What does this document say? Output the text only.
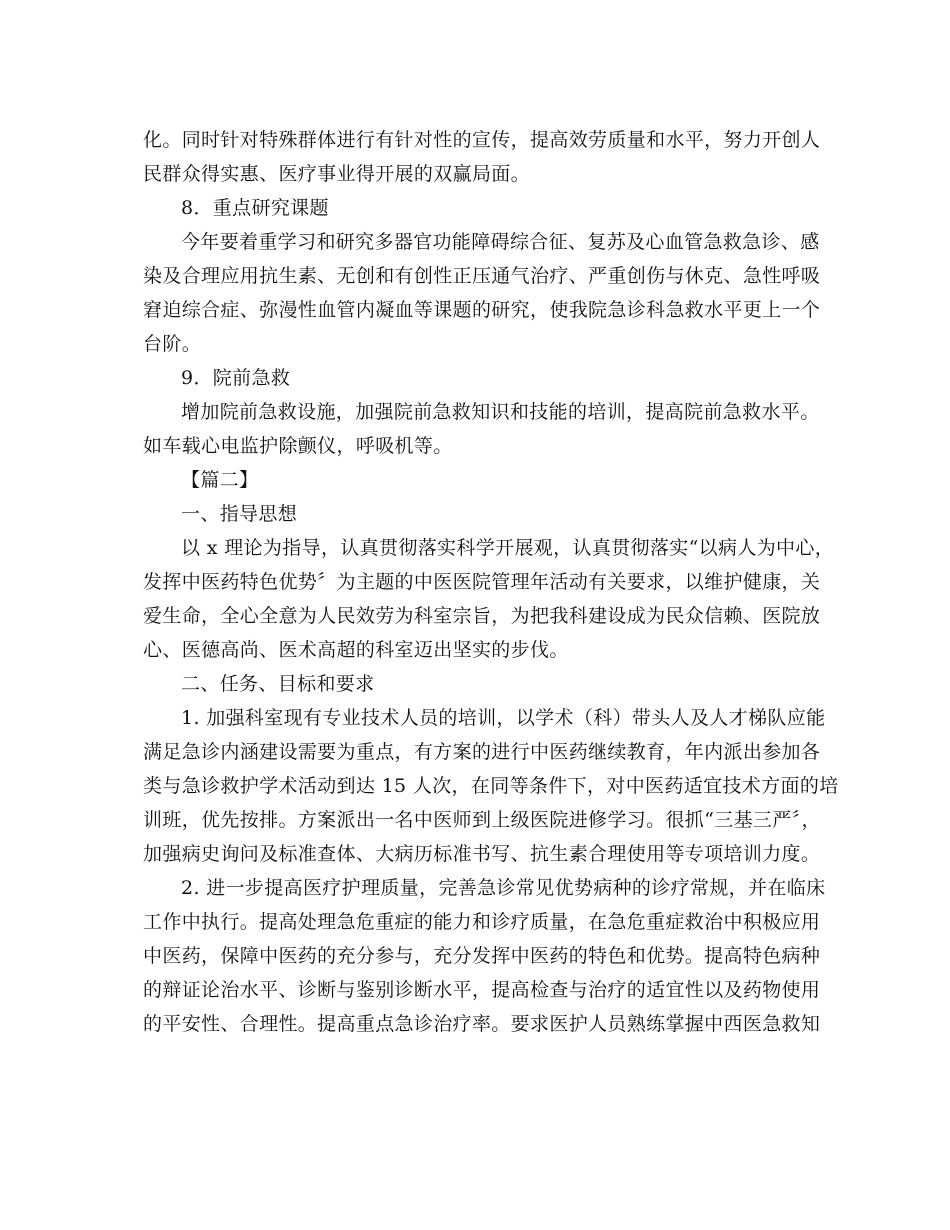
化。同时针对特殊群体进行有针对性的宣传，提高效劳质量和水平，努力开创人
民群众得实惠、医疗事业得开展的双赢局面。
8．重点研究课题
今年要着重学习和研究多器官功能障碍综合征、复苏及心血管急救急诊、感
染及合理应用抗生素、无创和有创性正压通气治疗、严重创伤与休克、急性呼吸
窘迫综合症、弥漫性血管内凝血等课题的研究，使我院急诊科急救水平更上一个
台阶。
9．院前急救
增加院前急救设施，加强院前急救知识和技能的培训，提高院前急救水平。
如车载心电监护除颤仪，呼吸机等。
【篇二】
一、指导思想
以 x 理论为指导，认真贯彻落实科学开展观，认真贯彻落实“以病人为中心，
发挥中医药特色优势〞为主题的中医医院管理年活动有关要求，以维护健康，关
爱生命，全心全意为人民效劳为科室宗旨，为把我科建设成为民众信赖、医院放
心、医德高尚、医术高超的科室迈出坚实的步伐。
二、任务、目标和要求
1. 加强科室现有专业技术人员的培训，以学术（科）带头人及人才梯队应能
满足急诊内涵建设需要为重点，有方案的进行中医药继续教育，年内派出参加各
类与急诊救护学术活动到达 15 人次，在同等条件下，对中医药适宜技术方面的培
训班，优先按排。方案派出一名中医师到上级医院进修学习。很抓“三基三严〞，
加强病史询问及标准查体、大病历标准书写、抗生素合理使用等专项培训力度。
2. 进一步提高医疗护理质量，完善急诊常见优势病种的诊疗常规，并在临床
工作中执行。提高处理急危重症的能力和诊疗质量，在急危重症救治中积极应用
中医药，保障中医药的充分参与，充分发挥中医药的特色和优势。提高特色病种
的辩证论治水平、诊断与鉴别诊断水平，提高检查与治疗的适宜性以及药物使用
的平安性、合理性。提高重点急诊治疗率。要求医护人员熟练掌握中西医急救知
